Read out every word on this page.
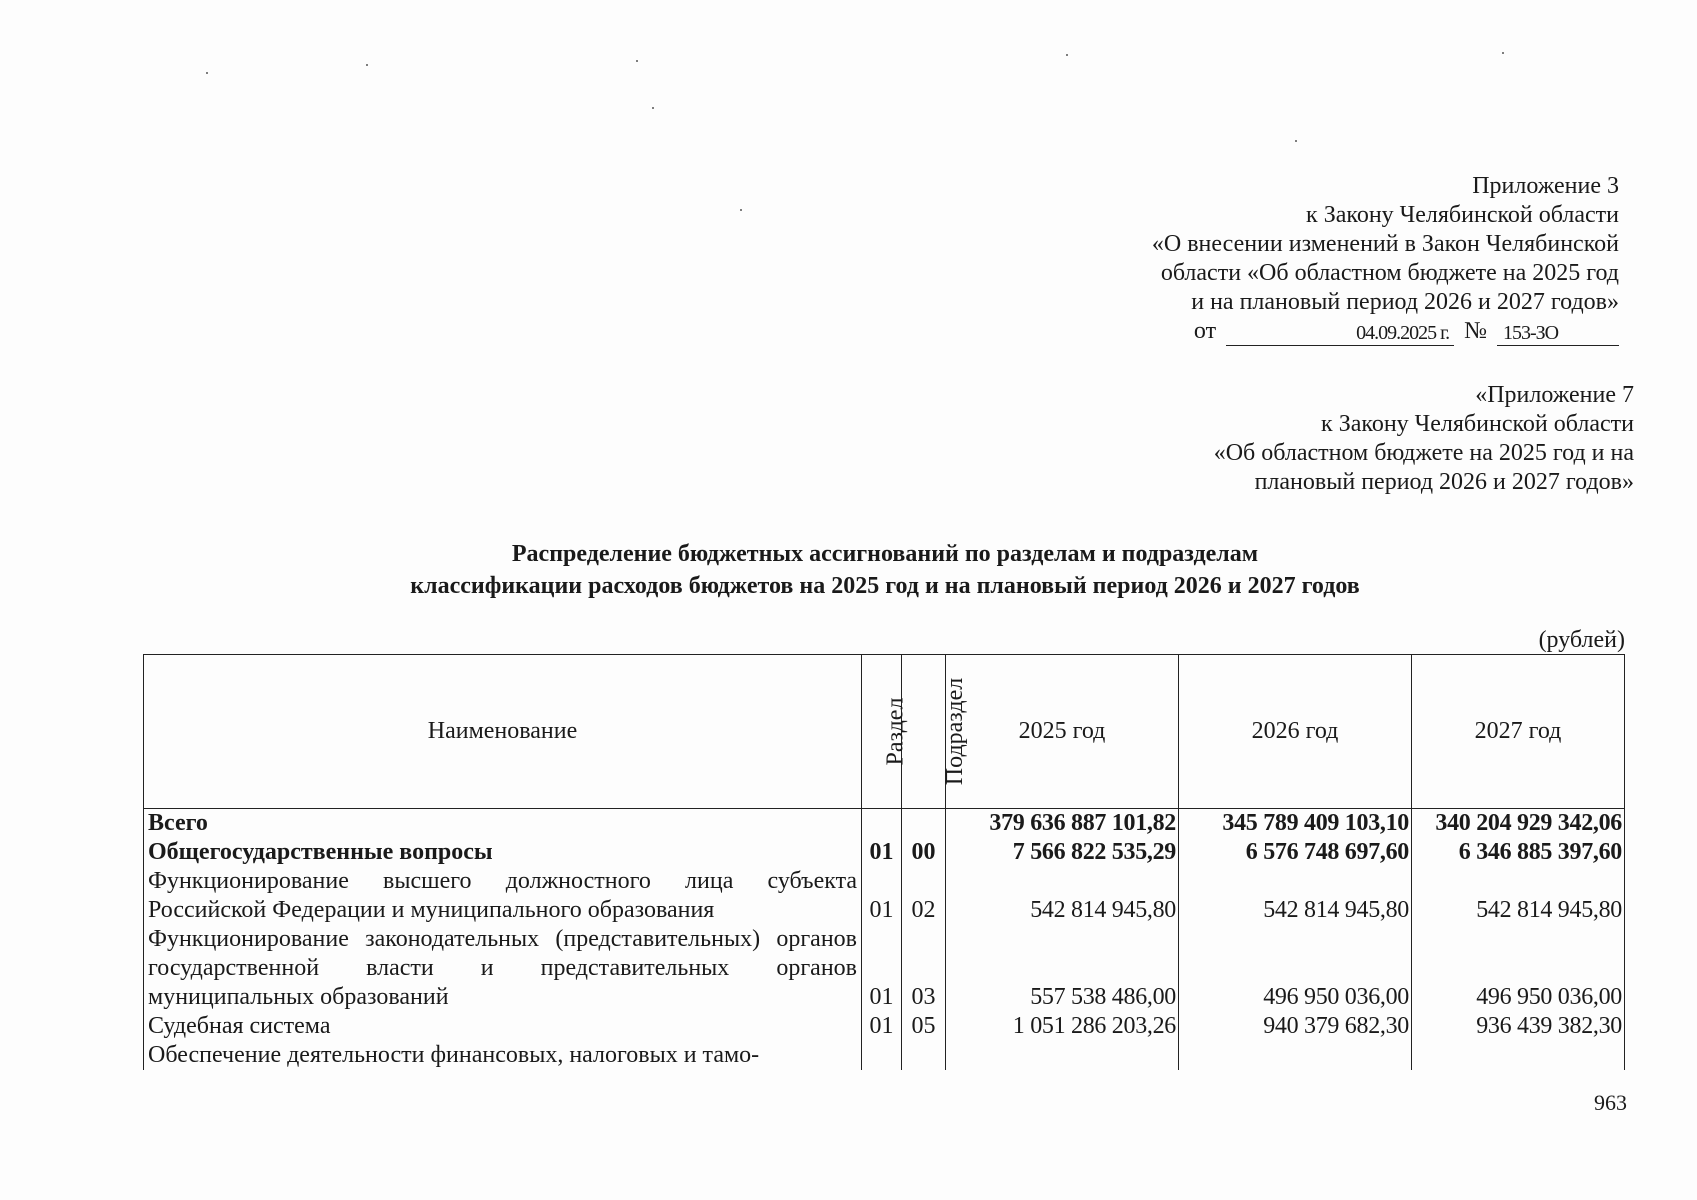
Приложение 3
к Закону Челябинской области
«О внесении изменений в Закон Челябинской
области «Об областном бюджете на 2025 год
и на плановый период 2026 и 2027 годов»
от	04.09.2025 г. № 153-ЗО
«Приложение 7
к Закону Челябинской области
«Об областном бюджете на 2025 год и на
плановый период 2026 и 2027 годов»
Распределение бюджетных ассигнований по разделам и подразделам
классификации расходов бюджетов на 2025 год и на плановый период 2026 и 2027 годов
(рублей)
Наименование	Раздел	Подраздел	2025 год	2026 год	2027 год
Всего			379 636 887 101,82	345 789 409 103,10	340 204 929 342,06
Общегосударственные вопросы	01	00	7 566 822 535,29	6 576 748 697,60	6 346 885 397,60
Функционирование высшего должностного лица субъекта Российской Федерации и муниципального образования	01	02	542 814 945,80	542 814 945,80	542 814 945,80
Функционирование законодательных (представительных) органов государственной власти и представительных органов муниципальных образований	01	03	557 538 486,00	496 950 036,00	496 950 036,00
Судебная система	01	05	1 051 286 203,26	940 379 682,30	936 439 382,30
Обеспечение деятельности финансовых, налоговых и тамо-					
963
